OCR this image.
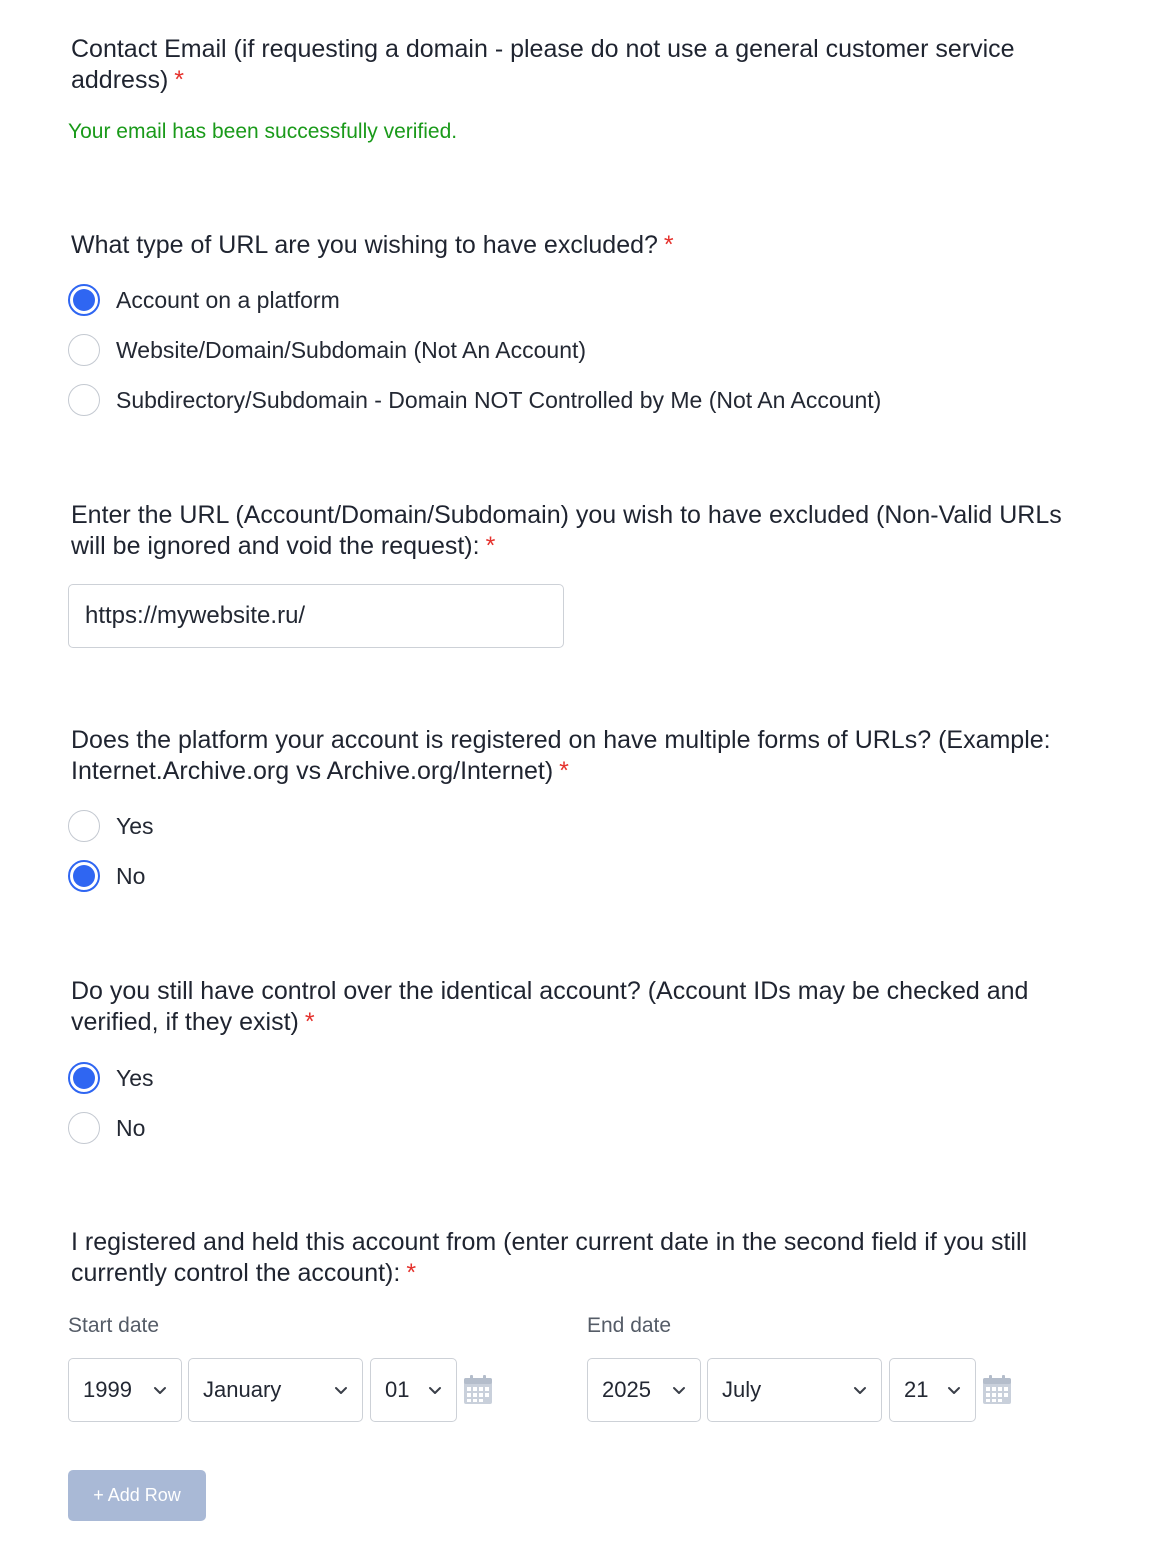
Contact Email (if requesting a domain - please do not use a general customer service address) *
Your email has been successfully verified.
What type of URL are you wishing to have excluded? *
Account on a platform
Website/Domain/Subdomain (Not An Account)
Subdirectory/Subdomain - Domain NOT Controlled by Me (Not An Account)
Enter the URL (Account/Domain/Subdomain) you wish to have excluded (Non-Valid URLs will be ignored and void the request): *
https://mywebsite.ru/
Does the platform your account is registered on have multiple forms of URLs? (Example: Internet.Archive.org vs Archive.org/Internet) *
Yes
No
Do you still have control over the identical account? (Account IDs may be checked and verified, if they exist) *
Yes
No
I registered and held this account from (enter current date in the second field if you still currently control the account): *
Start date	End date
1999	January	01	2025	July	21
+ Add Row
